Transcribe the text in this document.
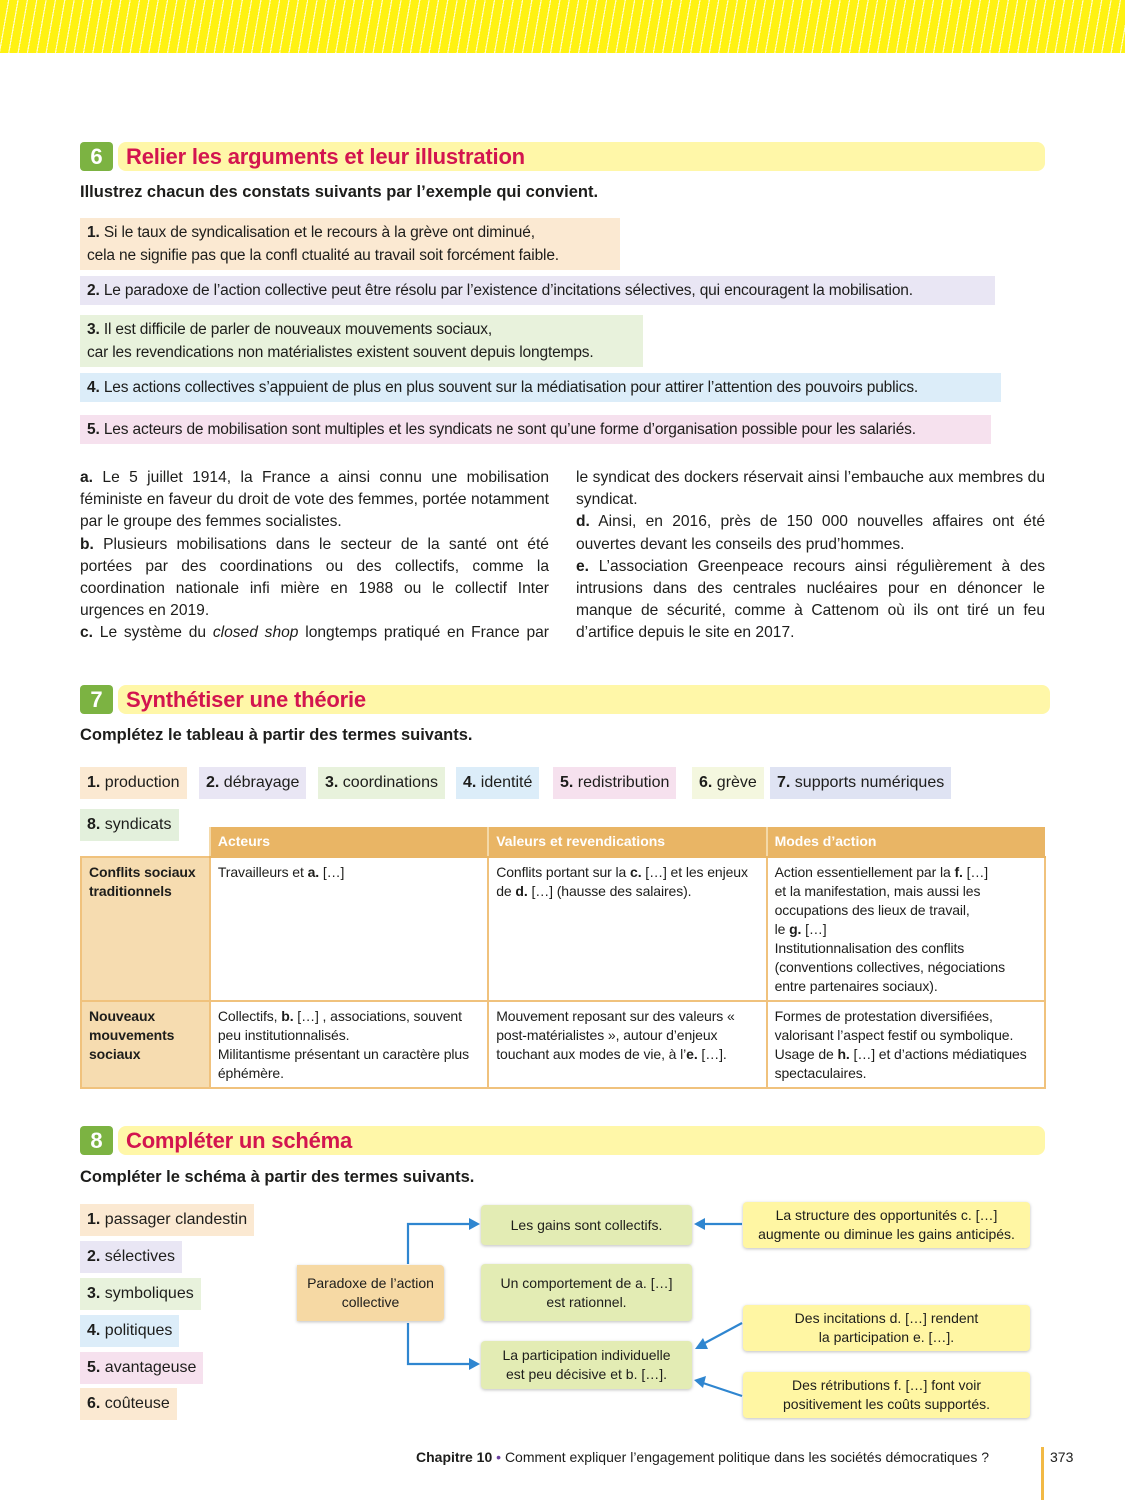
6	Relier les arguments et leur illustration
Illustrez chacun des constats suivants par l’exemple qui convient.
1. Si le taux de syndicalisation et le recours à la grève ont diminué,
cela ne signifie pas que la confl ctualité au travail soit forcément faible.
2. Le paradoxe de l’action collective peut être résolu par l’existence d’incitations sélectives, qui encouragent la mobilisation.
3. Il est difficile de parler de nouveaux mouvements sociaux,
car les revendications non matérialistes existent souvent depuis longtemps.
4. Les actions collectives s’appuient de plus en plus souvent sur la médiatisation pour attirer l’attention des pouvoirs publics.
5. Les acteurs de mobilisation sont multiples et les syndicats ne sont qu’une forme d’organisation possible pour les salariés.

a. Le 5 juillet 1914, la France a ainsi connu une mobilisation féministe en faveur du droit de vote des femmes, portée notamment par le groupe des femmes socialistes.

b. Plusieurs mobilisations dans le secteur de la santé ont été portées par des coordinations ou des collectifs, comme la coordination nationale infi mière en 1988 ou le collectif Inter urgences en 2019.

c. Le système du closed shop longtemps pratiqué en France par

le syndicat des dockers réservait ainsi l’embauche aux membres du syndicat.

d. Ainsi, en 2016, près de 150 000 nouvelles affaires ont été ouvertes devant les conseils des prud’hommes.

e. L’association Greenpeace recours ainsi régulièrement à des intrusions dans des centrales nucléaires pour en dénoncer le manque de sécurité, comme à Cattenom où ils ont tiré un feu d’artifice depuis le site en 2017.

7	Synthétiser une théorie
Complétez le tableau à partir des termes suivants.
1. production	2. débrayage	3. coordinations	4. identité	5. redistribution	6. grève	7. supports numériques
8. syndicats
	Acteurs	Valeurs et revendications	Modes d’action
Conflits sociaux
traditionnels	Travailleurs et a. […]	Conflits portant sur la c. […] et les enjeux de d. […] (hausse des salaires).	Action essentiellement par la f. […]
et la manifestation, mais aussi les occupations des lieux de travail,
le g. […]
Institutionnalisation des conflits (conventions collectives, négociations entre partenaires sociaux).
Nouveaux
mouvements
sociaux	Collectifs, b. […] , associations, souvent peu institutionnalisés.
Militantisme présentant un caractère plus éphémère.	Mouvement reposant sur des valeurs « post-matérialistes », autour d’enjeux touchant aux modes de vie, à l’e. […].	Formes de protestation diversifiées, valorisant l’aspect festif ou symbolique.
Usage de h. […] et d’actions médiatiques spectaculaires.
8	Compléter un schéma
Compléter le schéma à partir des termes suivants.
1. passager clandestin
2. sélectives
3. symboliques
4. politiques
5. avantageuse
6. coûteuse
Paradoxe de l’action
collective
Les gains sont collectifs.
Un comportement de a. […]
est rationnel.
La participation individuelle
est peu décisive et b. […].
La structure des opportunités c. […]
augmente ou diminue les gains anticipés.
Des incitations d. […] rendent
la participation e. […].
Des rétributions f. […] font voir
positivement les coûts supportés.
Chapitre 10 • Comment expliquer l’engagement politique dans les sociétés démocratiques ?	373
